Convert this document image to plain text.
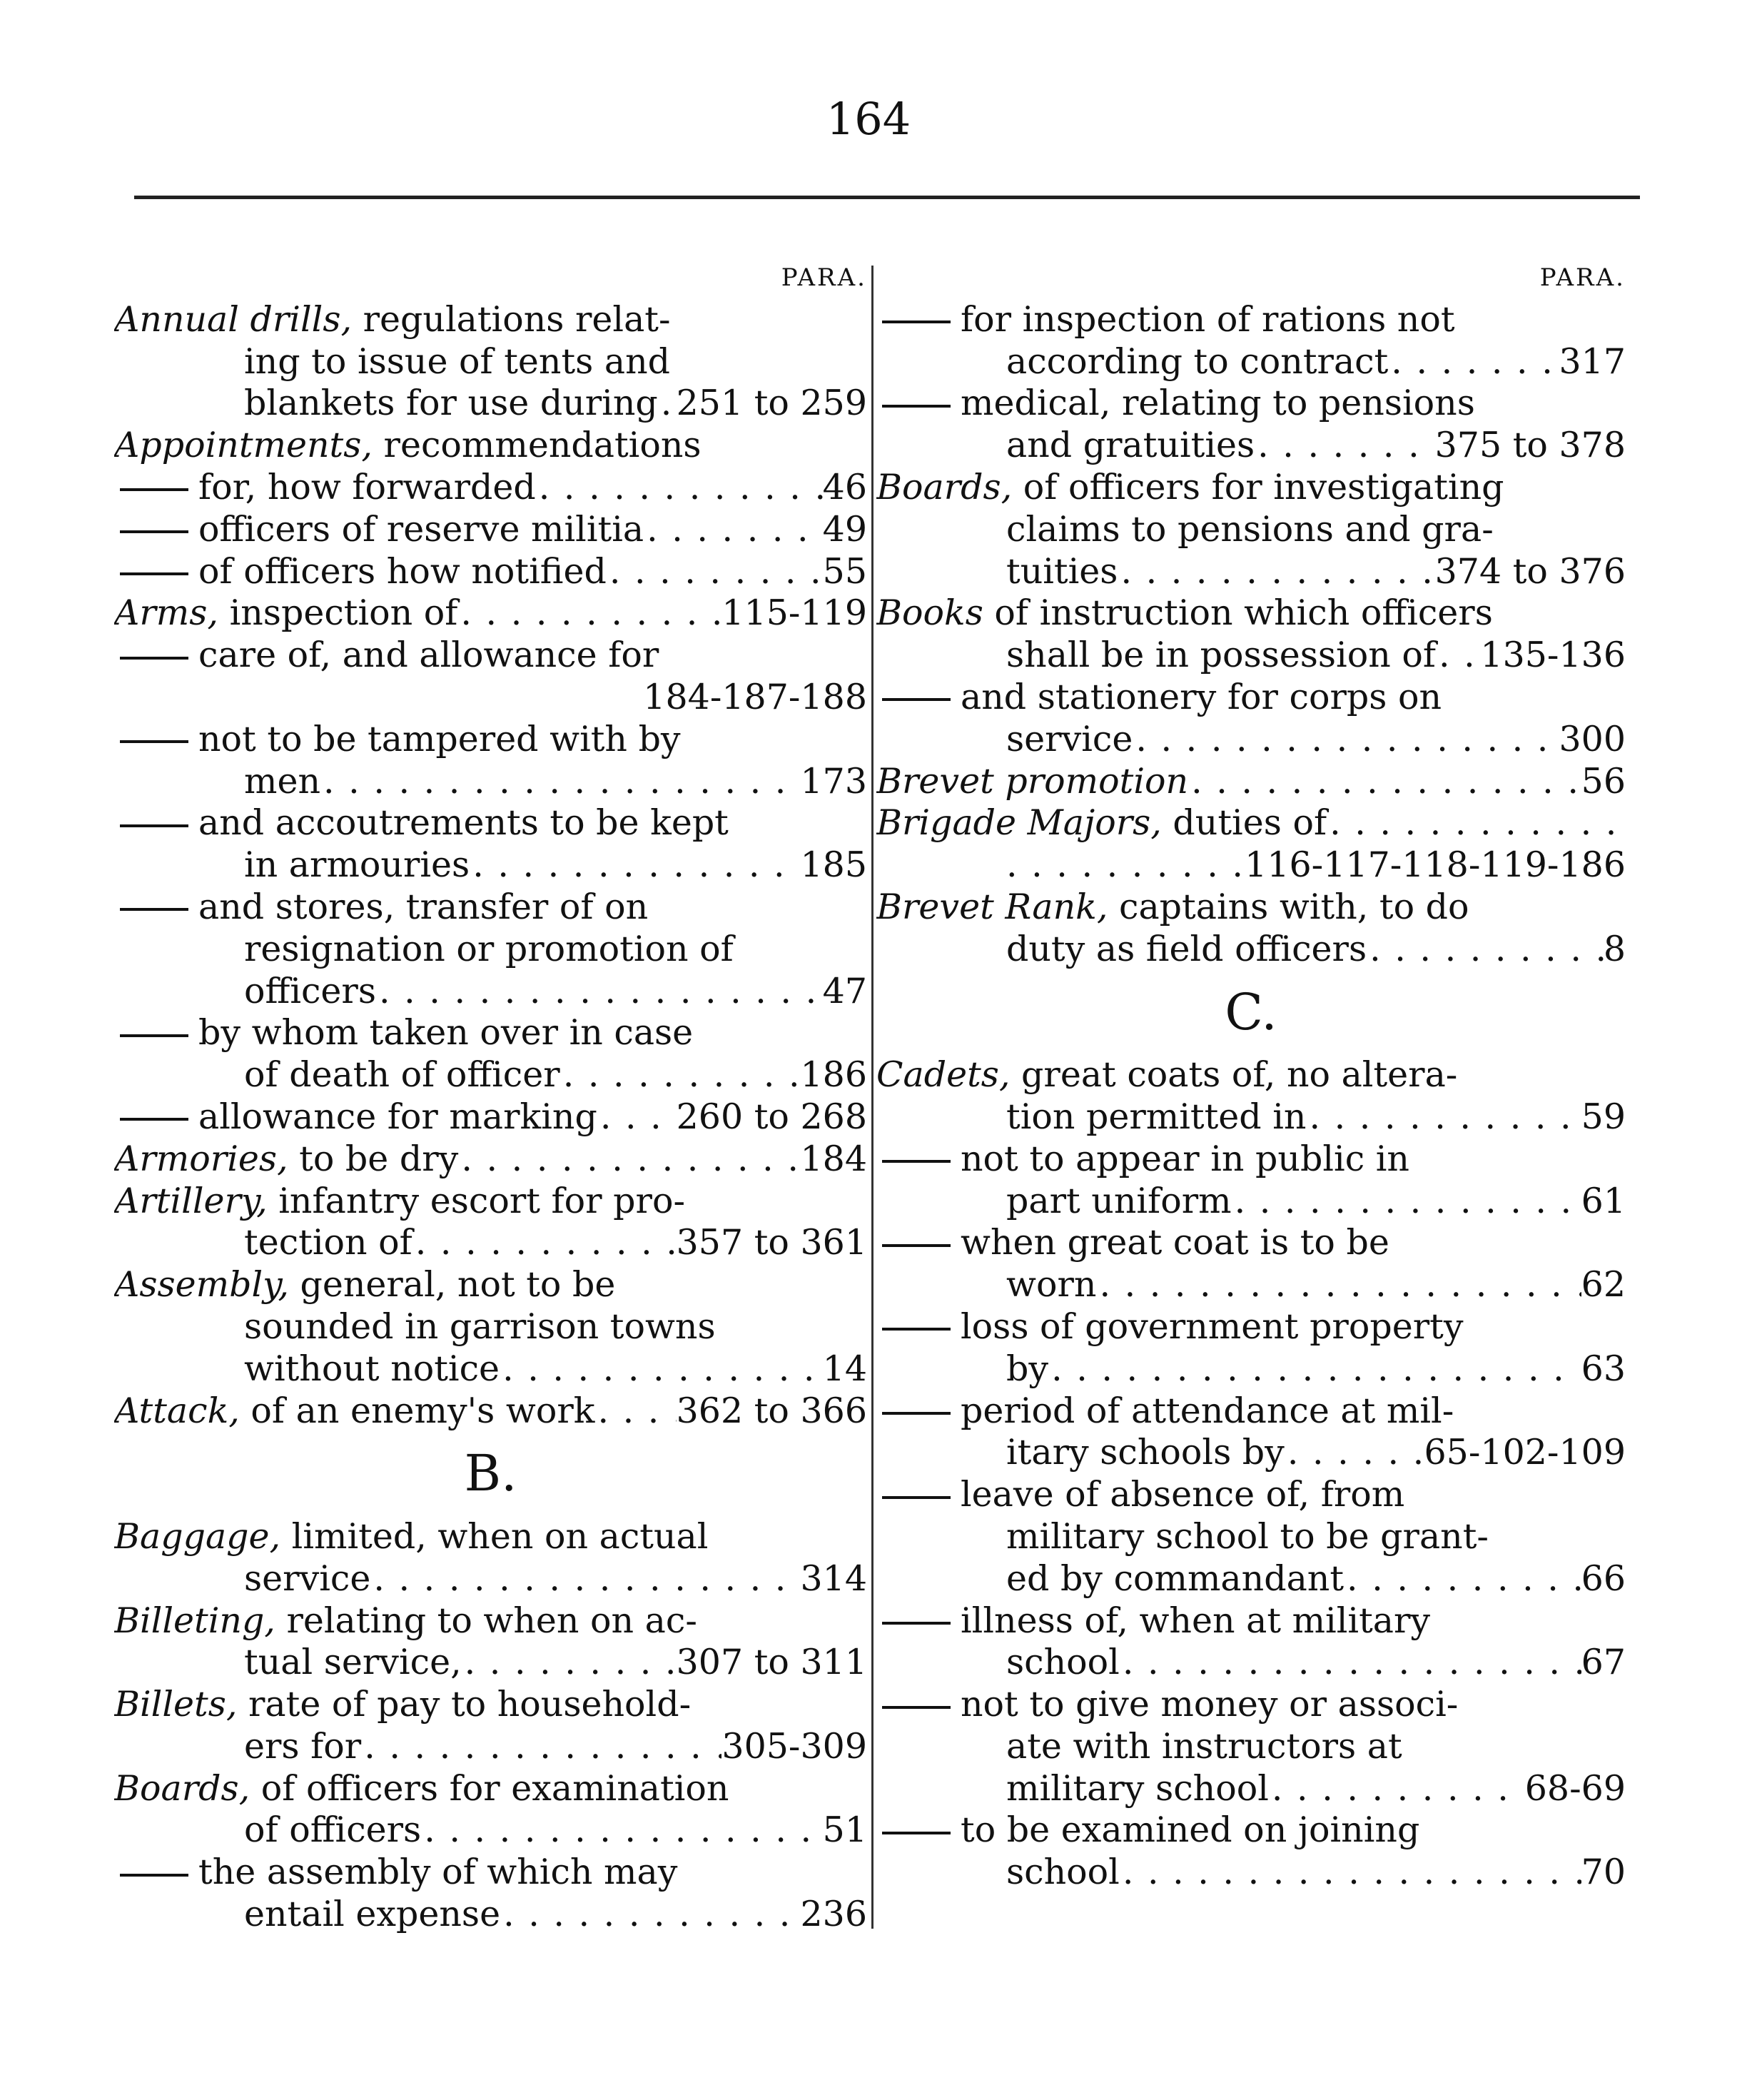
164
PARA.
Annual drills, regulations relat-
ing to issue of tents and
blankets for use during . . . 251 to 259
Appointments, recommendations
for, how forwarded . . .	46
officers of reserve militia . . .	49
of officers how notified . . .	55
Arms, inspection of . . .	115-119
care of, and allowance for
184-187-188
not to be tampered with by
men . . .	173
and accoutrements to be kept
in armouries . . .	185
and stores, transfer of on
resignation or promotion of
officers . . .	47
by whom taken over in case
of death of officer . . .	186
allowance for marking . . . 260 to 268
Armories, to be dry . . .	184
Artillery, infantry escort for pro-
tection of . . .	357 to 361
Assembly, general, not to be
sounded in garrison towns
without notice . . .	14
Attack, of an enemy's work . . . 362 to 366
B.
Baggage, limited, when on actual
service . . .	314
Billeting, relating to when on ac-
tual service, . . .	307 to 311
Billets, rate of pay to household-
ers for . . .	305-309
Boards, of officers for examination
of officers . . .	51
the assembly of which may
entail expense . . .	236
PARA.
for inspection of rations not
according to contract . . .	317
medical, relating to pensions
and gratuities . . .	375 to 378
Boards, of officers for investigating
claims to pensions and gra-
tuities . . .	374 to 376
Books of instruction which officers
shall be in possession of . . . 135-136
and stationery for corps on
service . . .	300
Brevet promotion . . .	56
Brigade Majors, duties of
. . .
. . .
116-117-118-119-186
Brevet Rank, captains with, to do
duty as field officers . . .	8
C.
Cadets, great coats of, no altera-
tion permitted in . . .	59
not to appear in public in
part uniform . . .	61
when great coat is to be
worn . . .	62
loss of government property
by . . .	63
period of attendance at mil-
itary schools by . . .	65-102-109
leave of absence of, from
military school to be grant-
ed by commandant . . .	66
illness of, when at military
school . . .	67
not to give money or associ-
ate with instructors at
military school . . .	68-69
to be examined on joining
school . . .	70
